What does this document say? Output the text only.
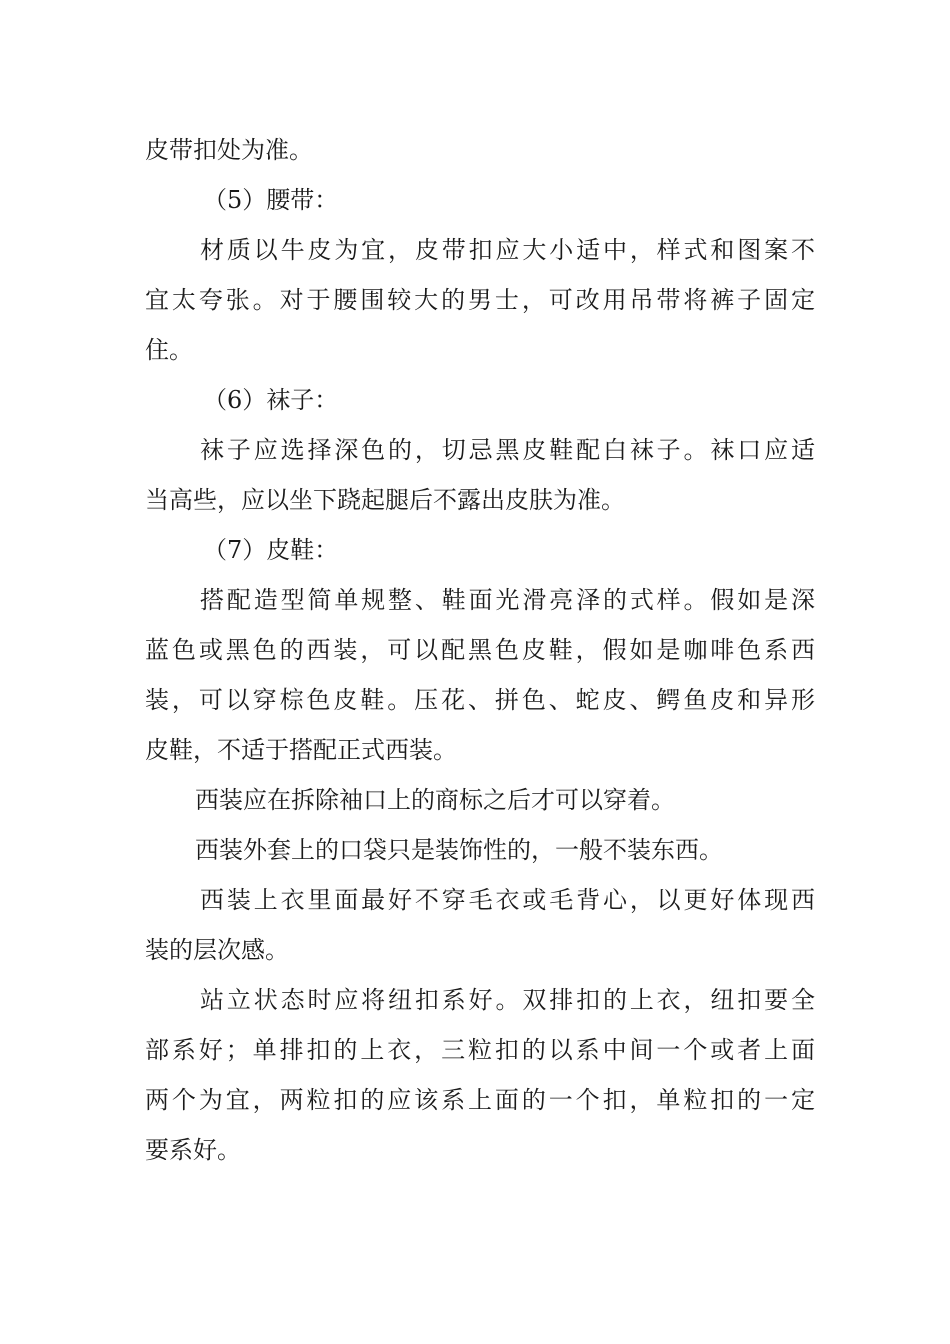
皮带扣处为准。
（5）腰带：
材质以牛皮为宜，皮带扣应大小适中，样式和图案不
宜太夸张。对于腰围较大的男士，可改用吊带将裤子固定
住。
（6）袜子：
袜子应选择深色的，切忌黑皮鞋配白袜子。袜口应适
当高些，应以坐下跷起腿后不露出皮肤为准。
（7）皮鞋：
搭配造型简单规整、鞋面光滑亮泽的式样。假如是深
蓝色或黑色的西装，可以配黑色皮鞋，假如是咖啡色系西
装，可以穿棕色皮鞋。压花、拼色、蛇皮、鳄鱼皮和异形
皮鞋，不适于搭配正式西装。
西装应在拆除袖口上的商标之后才可以穿着。
西装外套上的口袋只是装饰性的，一般不装东西。
西装上衣里面最好不穿毛衣或毛背心，以更好体现西
装的层次感。
站立状态时应将纽扣系好。双排扣的上衣，纽扣要全
部系好；单排扣的上衣，三粒扣的以系中间一个或者上面
两个为宜，两粒扣的应该系上面的一个扣，单粒扣的一定
要系好。
